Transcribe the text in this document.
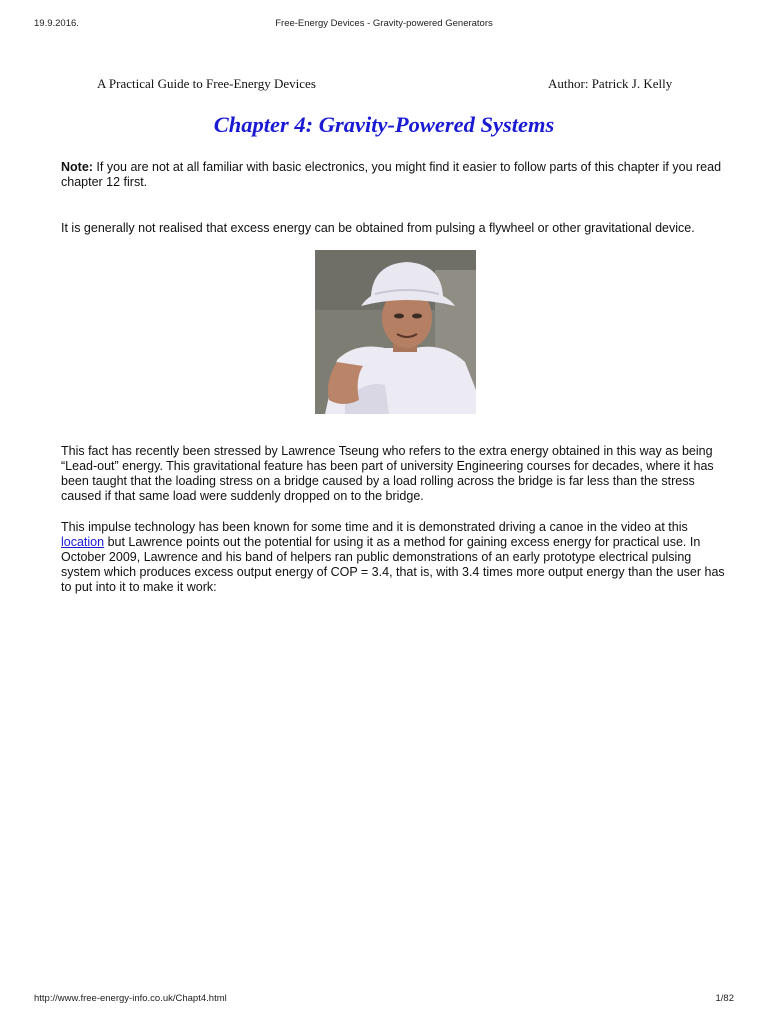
19.9.2016.	Free-Energy Devices - Gravity-powered Generators
A Practical Guide to Free-Energy Devices	Author: Patrick J. Kelly
Chapter 4: Gravity-Powered Systems
Note: If you are not at all familiar with basic electronics, you might find it easier to follow parts of this chapter if you read chapter 12 first.
It is generally not realised that excess energy can be obtained from pulsing a flywheel or other gravitational device.
This fact has recently been stressed by Lawrence Tseung who refers to the extra energy obtained in this way as being “Lead-out” energy. This gravitational feature has been part of university Engineering courses for decades, where it has been taught that the loading stress on a bridge caused by a load rolling across the bridge is far less than the stress caused if that same load were suddenly dropped on to the bridge.
This impulse technology has been known for some time and it is demonstrated driving a canoe in the video at this location but Lawrence points out the potential for using it as a method for gaining excess energy for practical use. In October 2009, Lawrence and his band of helpers ran public demonstrations of an early prototype electrical pulsing system which produces excess output energy of COP = 3.4, that is, with 3.4 times more output energy than the user has to put into it to make it work:
http://www.free-energy-info.co.uk/Chapt4.html	1/82
